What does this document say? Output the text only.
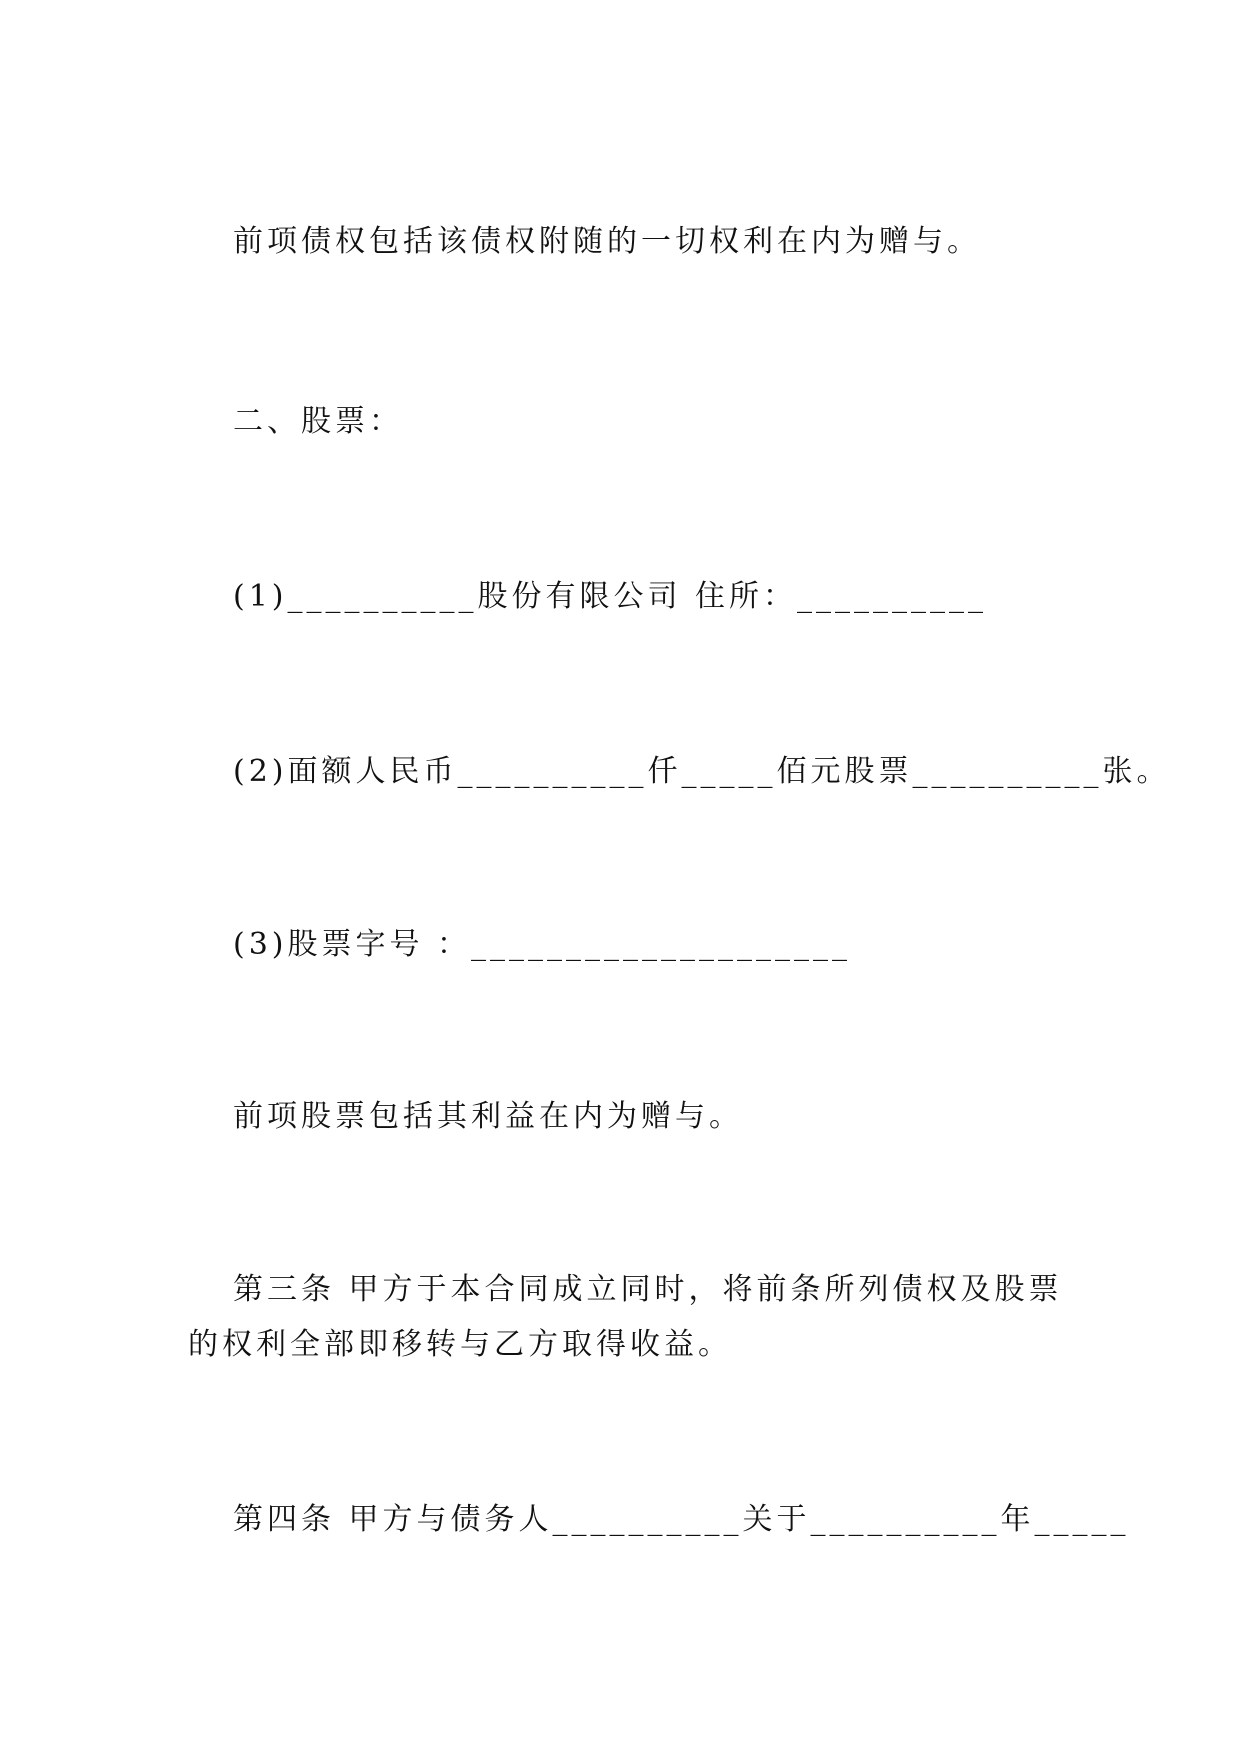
前项债权包括该债权附随的一切权利在内为赠与。
二、股票：
(1)__________股份有限公司 住所：__________
(2)面额人民币__________仟_____佰元股票__________张。
(3)股票字号 ：____________________
前项股票包括其利益在内为赠与。
第三条 甲方于本合同成立同时，将前条所列债权及股票
的权利全部即移转与乙方取得收益。
第四条 甲方与债务人__________关于__________年_____
